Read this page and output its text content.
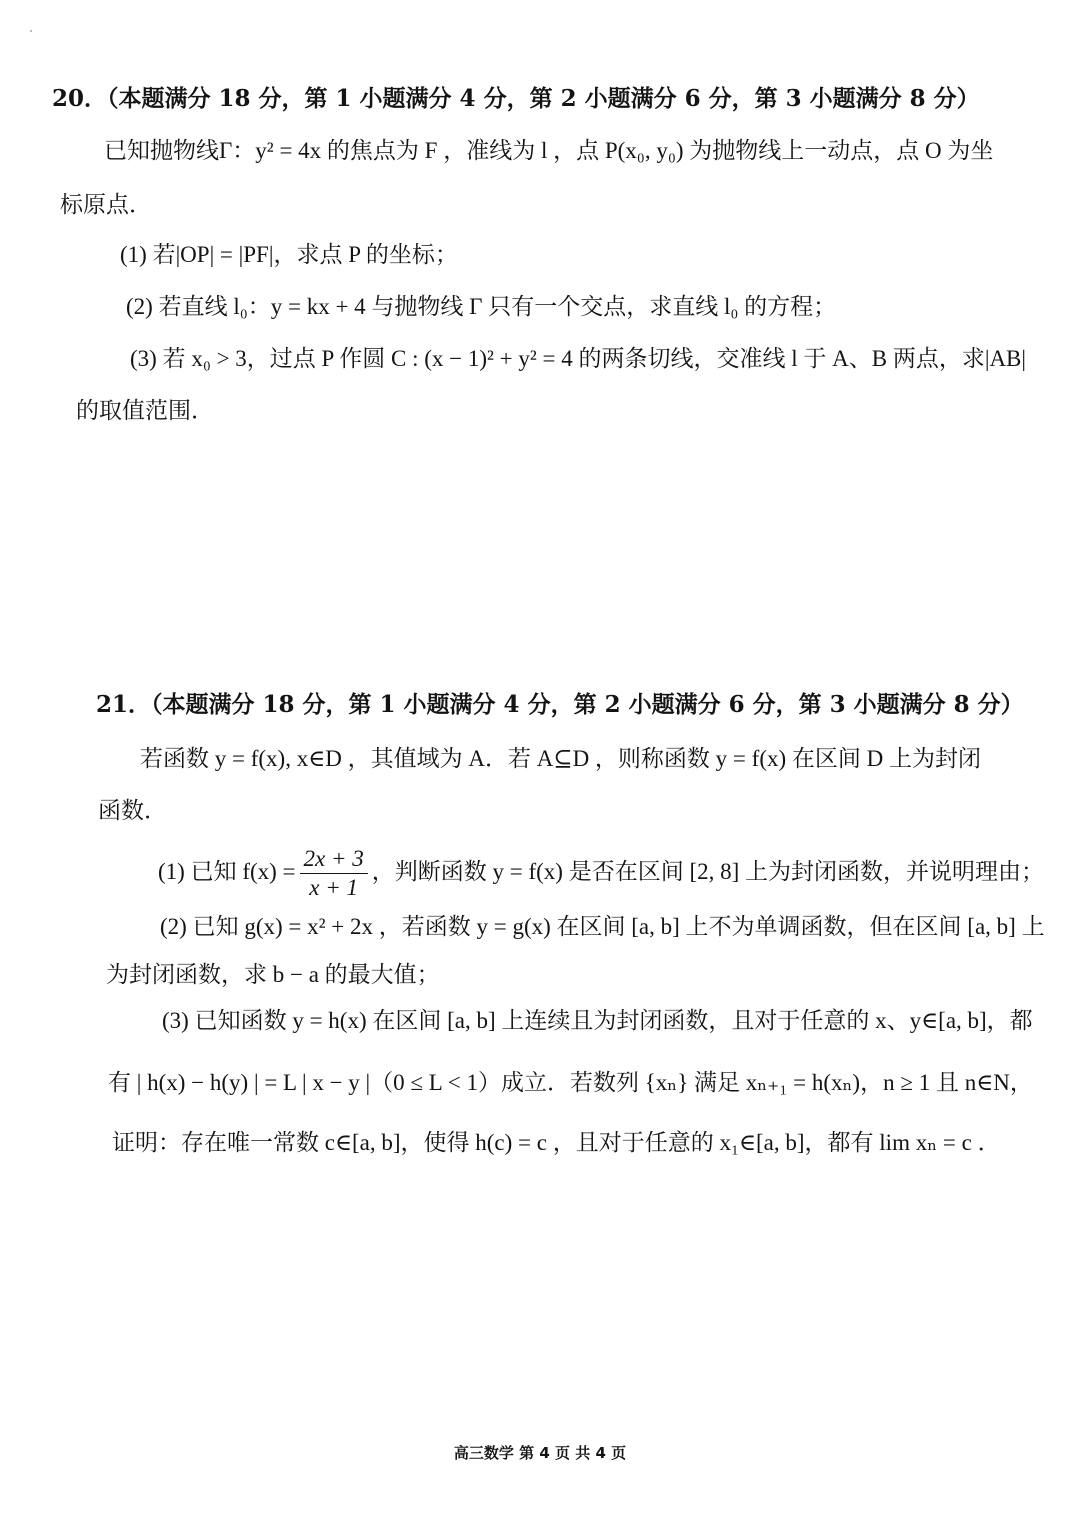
20．（本题满分 18 分，第 1 小题满分 4 分，第 2 小题满分 6 分，第 3 小题满分 8 分）
已知抛物线Γ：y² = 4x 的焦点为 F ，准线为 l ，点 P(x₀, y₀) 为抛物线上一动点，点 O 为坐
标原点．
(1) 若|OP| = |PF|，求点 P 的坐标；
(2) 若直线 l₀：y = kx + 4 与抛物线 Γ 只有一个交点，求直线 l₀ 的方程；
(3) 若 x₀ > 3，过点 P 作圆 C : (x − 1)² + y² = 4 的两条切线，交准线 l 于 A、B 两点，求|AB|
的取值范围．
21．（本题满分 18 分，第 1 小题满分 4 分，第 2 小题满分 6 分，第 3 小题满分 8 分）
若函数 y = f(x), x∈D ，其值域为 A．若 A⊆D ，则称函数 y = f(x) 在区间 D 上为封闭
函数．
(1) 已知 $f(x) = \frac{2x + 3}{x + 1}$ ，判断函数 y = f(x) 是否在区间 [2, 8] 上为封闭函数，并说明理由；
(2) 已知 g(x) = x² + 2x ，若函数 y = g(x) 在区间 [a, b] 上不为单调函数，但在区间 [a, b] 上
为封闭函数，求 b − a 的最大值；
(3) 已知函数 y = h(x) 在区间 [a, b] 上连续且为封闭函数，且对于任意的 x、y∈[a, b]，都
有 | h(x) − h(y) | = L | x − y |（0 ≤ L < 1）成立．若数列 {xₙ} 满足 xₙ₊₁ = h(xₙ)，n ≥ 1 且 n∈N，
证明：存在唯一常数 c∈[a, b]，使得 h(c) = c ，且对于任意的 x₁∈[a, b]，都有 lim xₙ = c ．
高三数学 第 4 页 共 4 页
